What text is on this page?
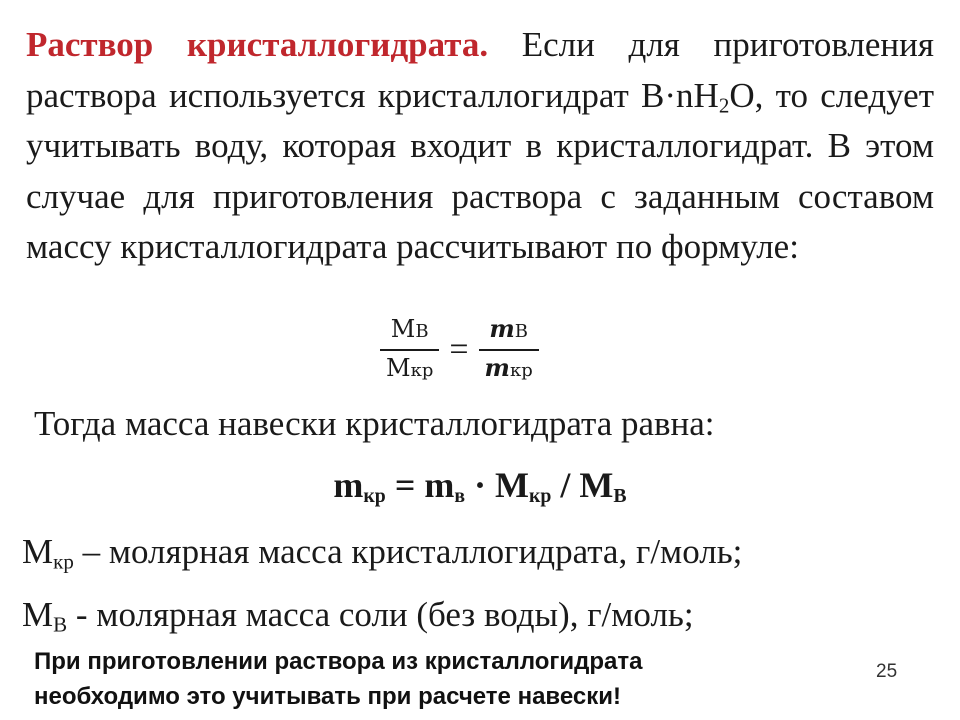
Раствор кристаллогидрата. Если для приготовления раствора используется кристаллогидрат $B\cdot nH_2O$, то следует учитывать воду, которая входит в кристаллогидрат. В этом случае для приготовления раствора с заданным составом массу кристаллогидрата рассчитывают по формуле:
$\frac{МВ}{\text{Мкр}} = \frac{mВ}{\text{mкр}}$
Тогда масса навески кристаллогидрата равна:
$m_{кр} = m_в \cdot M_{кр} / M_B$
$М_{кр}$ – молярная масса кристаллогидрата, г/моль;
$М_В$ - молярная масса соли (без воды), г/моль;
При приготовлении раствора из кристаллогидрата
необходимо это учитывать при расчете навески!
25
